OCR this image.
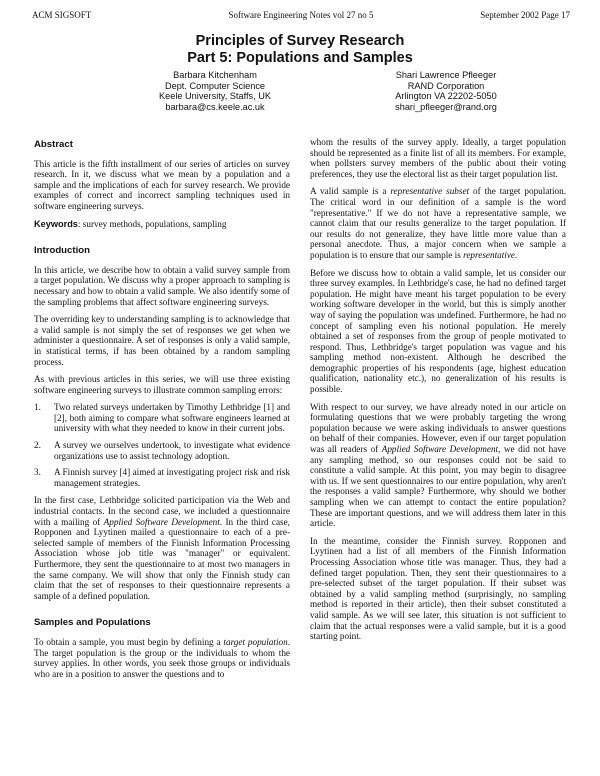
ACM SIGSOFT	Software Engineering Notes vol 27 no 5	September 2002 Page 17
Principles of Survey Research
Part 5: Populations and Samples
Barbara Kitchenham
Dept. Computer Science
Keele University, Staffs, UK
barbara@cs.keele.ac.uk
Shari Lawrence Pfleeger
RAND Corporation
Arlington VA 22202-5050
shari_pfleeger@rand.org
Abstract

This article is the fifth installment of our series of articles on survey research. In it, we discuss what we mean by a population and a sample and the implications of each for survey research. We provide examples of correct and incorrect sampling techniques used in software engineering surveys.

Keywords: survey methods, populations, sampling

Introduction

In this article, we describe how to obtain a valid survey sample from a target population. We discuss why a proper approach to sampling is necessary and how to obtain a valid sample. We also identify some of the sampling problems that affect software engineering surveys.

The overriding key to understanding sampling is to acknowledge that a valid sample is not simply the set of responses we get when we administer a questionnaire. A set of responses is only a valid sample, in statistical terms, if has been obtained by a random sampling process.

As with previous articles in this series, we will use three existing software engineering surveys to illustrate common sampling errors:

1. Two related surveys undertaken by Timothy Lethbridge [1] and [2], both aiming to compare what software engineers learned at university with what they needed to know in their current jobs.
2. A survey we ourselves undertook, to investigate what evidence organizations use to assist technology adoption.
3. A Finnish survey [4] aimed at investigating project risk and risk management strategies.

In the first case, Lethbridge solicited participation via the Web and industrial contacts. In the second case, we included a questionnaire with a mailing of Applied Software Development. In the third case, Ropponen and Lyytinen mailed a questionnaire to each of a pre-selected sample of members of the Finnish Information Processing Association whose job title was "manager" or equivalent. Furthermore, they sent the questionnaire to at most two managers in the same company. We will show that only the Finnish study can claim that the set of responses to their questionnaire represents a sample of a defined population.

Samples and Populations

To obtain a sample, you must begin by defining a target population. The target population is the group or the individuals to whom the survey applies. In other words, you seek those groups or individuals who are in a position to answer the questions and to

whom the results of the survey apply. Ideally, a target population should be represented as a finite list of all its members. For example, when pollsters survey members of the public about their voting preferences, they use the electoral list as their target population list.

A valid sample is a representative subset of the target population. The critical word in our definition of a sample is the word "representative." If we do not have a representative sample, we cannot claim that our results generalize to the target population. If our results do not generalize, they have little more value than a personal anecdote. Thus, a major concern when we sample a population is to ensure that our sample is representative.

Before we discuss how to obtain a valid sample, let us consider our three survey examples. In Lethbridge's case, he had no defined target population. He might have meant his target population to be every working software developer in the world, but this is simply another way of saying the population was undefined. Furthermore, he had no concept of sampling even his notional population. He merely obtained a set of responses from the group of people motivated to respond. Thus, Lethbridge's target population was vague and his sampling method non-existent. Although he described the demographic properties of his respondents (age, highest education qualification, nationality etc.), no generalization of his results is possible.

With respect to our survey, we have already noted in our article on formulating questions that we were probably targeting the wrong population because we were asking individuals to answer questions on behalf of their companies. However, even if our target population was all readers of Applied Software Development, we did not have any sampling method, so our responses could not be said to constitute a valid sample. At this point, you may begin to disagree with us. If we sent questionnaires to our entire population, why aren't the responses a valid sample? Furthermore, why should we bother sampling when we can attempt to contact the entire population? These are important questions, and we will address them later in this article.

In the meantime, consider the Finnish survey. Ropponen and Lyytinen had a list of all members of the Finnish Information Processing Association whose title was manager. Thus, they had a defined target population. Then, they sent their questionnaires to a pre-selected subset of the target population. If their subset was obtained by a valid sampling method (surprisingly, no sampling method is reported in their article), then their subset constituted a valid sample. As we will see later, this situation is not sufficient to claim that the actual responses were a valid sample, but it is a good starting point.
